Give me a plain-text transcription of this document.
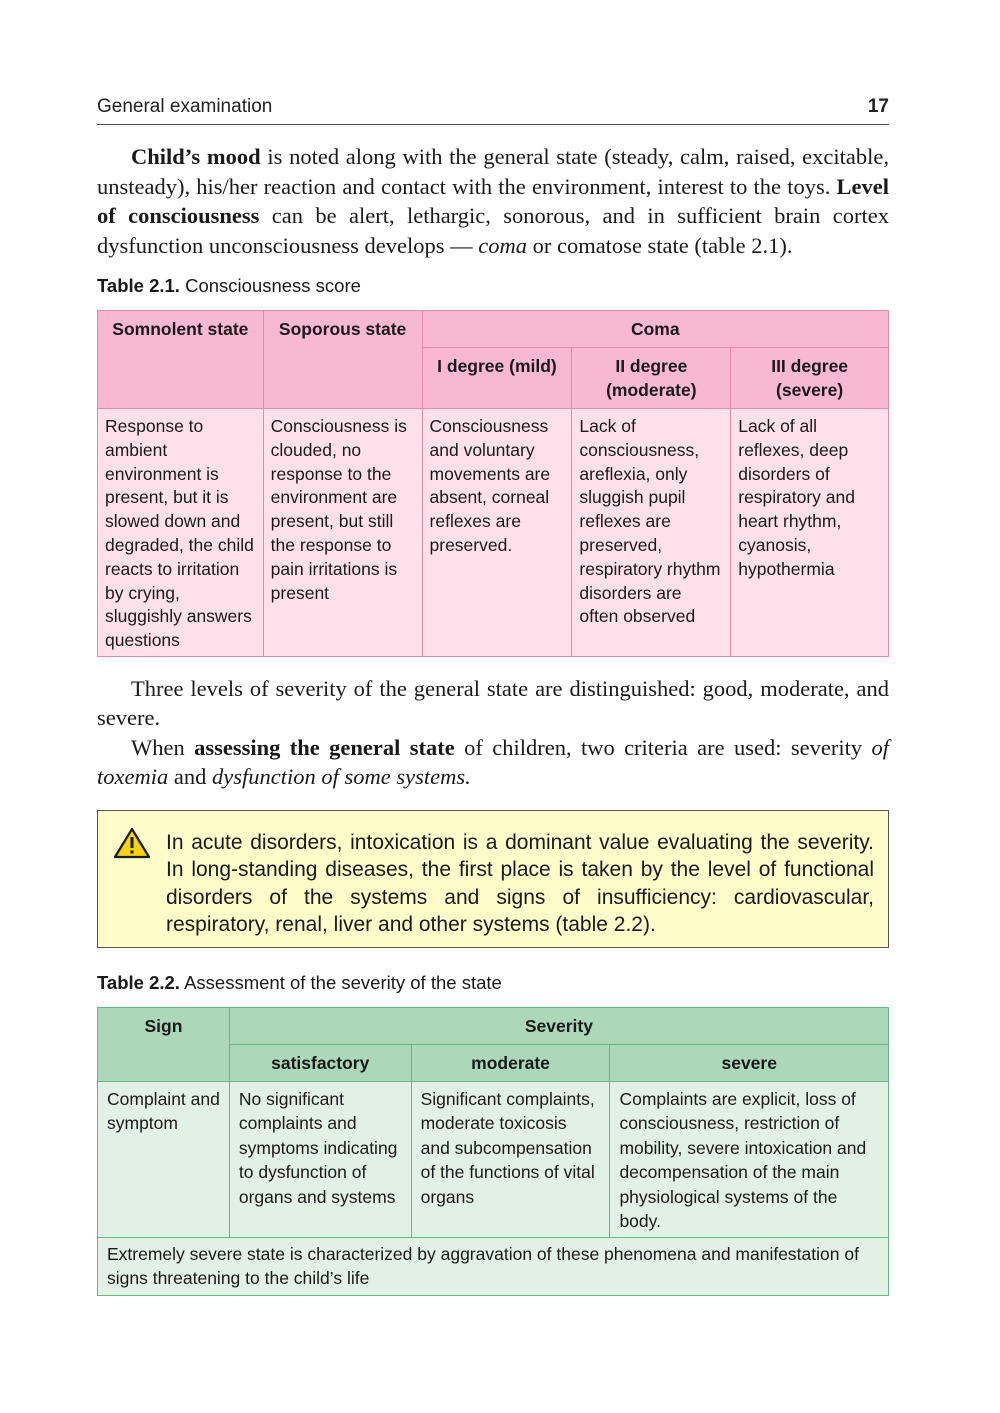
General examination	17

Child’s mood is noted along with the general state (steady, calm, raised, excitable, unsteady), his/her reaction and contact with the environment, interest to the toys. Level of consciousness can be alert, lethargic, sonorous, and in sufficient brain cortex dysfunction unconsciousness develops — coma or comatose state (table 2.1).

Table 2.1. Consciousness score

Somnolent state	Soporous state	Coma		
		I degree (mild)	II degree (moderate)	III degree (severe)
Response to ambient environment is present, but it is slowed down and degraded, the child reacts to irritation by crying, sluggishly answers questions	Consciousness is clouded, no response to the environment are present, but still the response to pain irritations is present	Consciousness and voluntary movements are absent, corneal reflexes are preserved.	Lack of consciousness, areflexia, only sluggish pupil reflexes are preserved, respiratory rhythm disorders are often observed	Lack of all reflexes, deep disorders of respiratory and heart rhythm, cyanosis, hypothermia

Three levels of severity of the general state are distinguished: good, moderate, and severe.

When assessing the general state of children, two criteria are used: severity of toxemia and dysfunction of some systems.

In acute disorders, intoxication is a dominant value evaluating the severity. In long-standing diseases, the first place is taken by the level of functional disorders of the systems and signs of insufficiency: cardiovascular, respiratory, renal, liver and other systems (table 2.2).

Table 2.2. Assessment of the severity of the state

Sign	Severity		
	satisfactory	moderate	severe
Complaint and symptom	No significant complaints and symptoms indicating to dysfunction of organs and systems	Significant complaints, moderate toxicosis and subcompensation of the functions of vital organs	Complaints are explicit, loss of consciousness, restriction of mobility, severe intoxication and decompensation of the main physiological systems of the body.
Extremely severe state is characterized by aggravation of these phenomena and manifestation of signs threatening to the child’s life			
